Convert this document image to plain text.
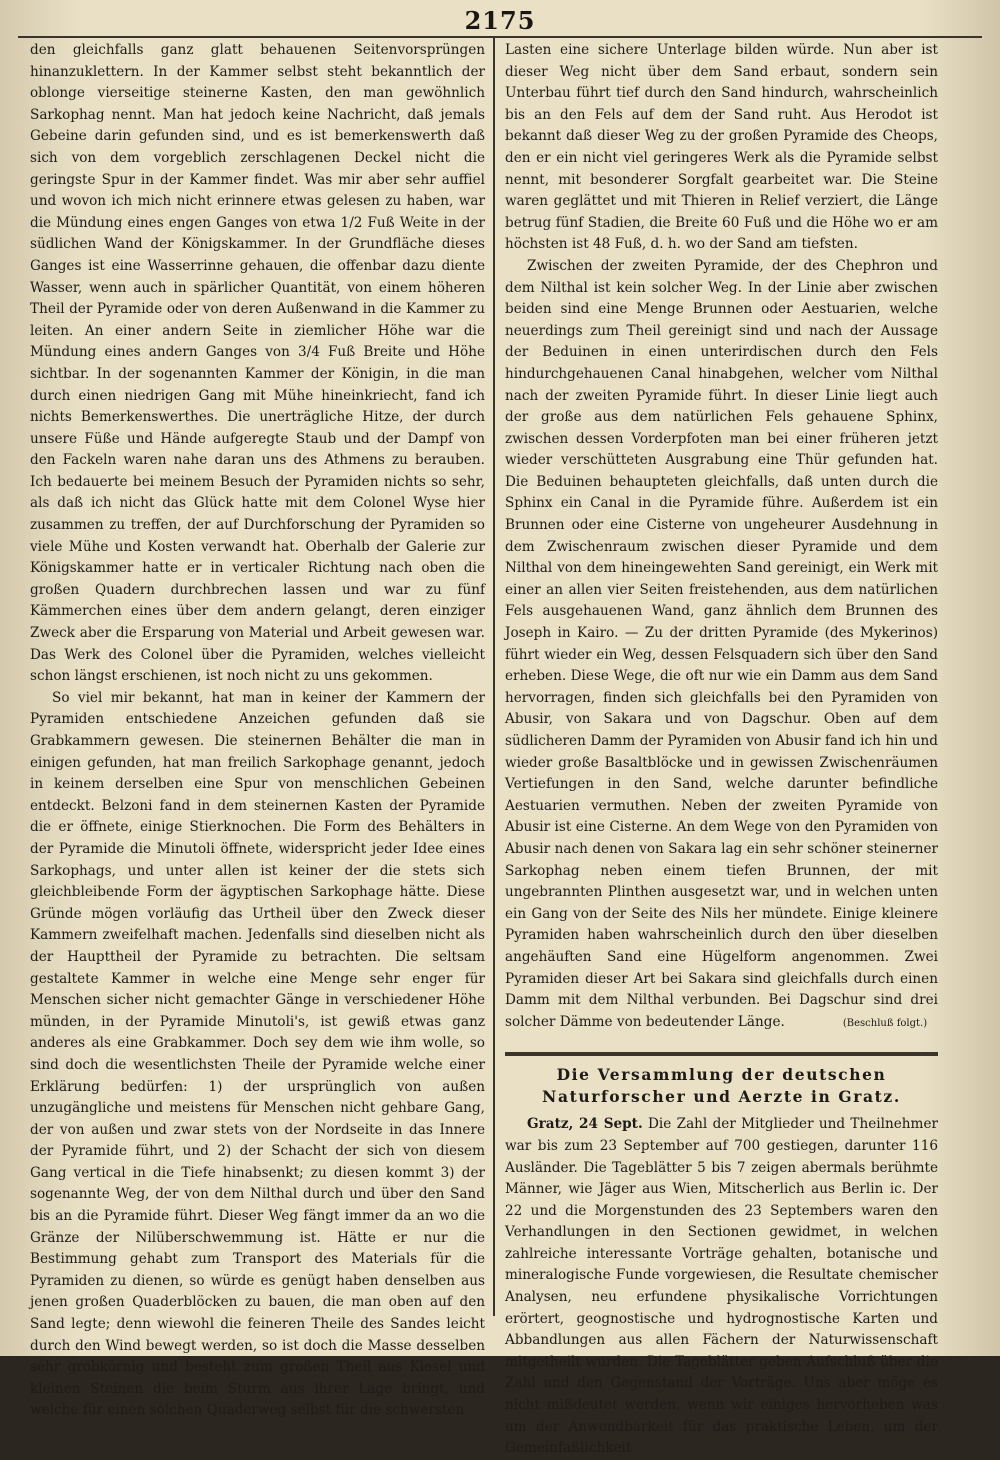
2175

den gleichfalls ganz glatt behauenen Seitenvorsprüngen hinanzuklettern. In der Kammer selbst steht bekanntlich der oblonge vierseitige steinerne Kasten, den man gewöhnlich Sarkophag nennt. Man hat jedoch keine Nachricht, daß jemals Gebeine darin gefunden sind, und es ist bemerkenswerth daß sich von dem vorgeblich zerschlagenen Deckel nicht die geringste Spur in der Kammer findet. Was mir aber sehr auffiel und wovon ich mich nicht erinnere etwas gelesen zu haben, war die Mündung eines engen Ganges von etwa 1/2 Fuß Weite in der südlichen Wand der Königskammer. In der Grundfläche dieses Ganges ist eine Wasserrinne gehauen, die offenbar dazu diente Wasser, wenn auch in spärlicher Quantität, von einem höheren Theil der Pyramide oder von deren Außenwand in die Kammer zu leiten. An einer andern Seite in ziemlicher Höhe war die Mündung eines andern Ganges von 3/4 Fuß Breite und Höhe sichtbar. In der sogenannten Kammer der Königin, in die man durch einen niedrigen Gang mit Mühe hineinkriecht, fand ich nichts Bemerkenswerthes. Die unerträgliche Hitze, der durch unsere Füße und Hände aufgeregte Staub und der Dampf von den Fackeln waren nahe daran uns des Athmens zu berauben. Ich bedauerte bei meinem Besuch der Pyramiden nichts so sehr, als daß ich nicht das Glück hatte mit dem Colonel Wyse hier zusammen zu treffen, der auf Durchforschung der Pyramiden so viele Mühe und Kosten verwandt hat. Oberhalb der Galerie zur Königskammer hatte er in verticaler Richtung nach oben die großen Quadern durchbrechen lassen und war zu fünf Kämmerchen eines über dem andern gelangt, deren einziger Zweck aber die Ersparung von Material und Arbeit gewesen war. Das Werk des Colonel über die Pyramiden, welches vielleicht schon längst erschienen, ist noch nicht zu uns gekommen.

So viel mir bekannt, hat man in keiner der Kammern der Pyramiden entschiedene Anzeichen gefunden daß sie Grabkammern gewesen. Die steinernen Behälter die man in einigen gefunden, hat man freilich Sarkophage genannt, jedoch in keinem derselben eine Spur von menschlichen Gebeinen entdeckt. Belzoni fand in dem steinernen Kasten der Pyramide die er öffnete, einige Stierknochen. Die Form des Behälters in der Pyramide die Minutoli öffnete, widerspricht jeder Idee eines Sarkophags, und unter allen ist keiner der die stets sich gleichbleibende Form der ägyptischen Sarkophage hätte. Diese Gründe mögen vorläufig das Urtheil über den Zweck dieser Kammern zweifelhaft machen. Jedenfalls sind dieselben nicht als der Haupttheil der Pyramide zu betrachten. Die seltsam gestaltete Kammer in welche eine Menge sehr enger für Menschen sicher nicht gemachter Gänge in verschiedener Höhe münden, in der Pyramide Minutoli's, ist gewiß etwas ganz anderes als eine Grabkammer. Doch sey dem wie ihm wolle, so sind doch die wesentlichsten Theile der Pyramide welche einer Erklärung bedürfen: 1) der ursprünglich von außen unzugängliche und meistens für Menschen nicht gehbare Gang, der von außen und zwar stets von der Nordseite in das Innere der Pyramide führt, und 2) der Schacht der sich von diesem Gang vertical in die Tiefe hinabsenkt; zu diesen kommt 3) der sogenannte Weg, der von dem Nilthal durch und über den Sand bis an die Pyramide führt. Dieser Weg fängt immer da an wo die Gränze der Nilüberschwemmung ist. Hätte er nur die Bestimmung gehabt zum Transport des Materials für die Pyramiden zu dienen, so würde es genügt haben denselben aus jenen großen Quaderblöcken zu bauen, die man oben auf den Sand legte; denn wiewohl die feineren Theile des Sandes leicht durch den Wind bewegt werden, so ist doch die Masse desselben sehr grobkörnig und besteht zum großen Theil aus Kiesel und kleinen Steinen die beim Sturm aus ihrer Lage bringt, und welche für einen solchen Quaderweg selbst für die schwersten

Lasten eine sichere Unterlage bilden würde. Nun aber ist dieser Weg nicht über dem Sand erbaut, sondern sein Unterbau führt tief durch den Sand hindurch, wahrscheinlich bis an den Fels auf dem der Sand ruht. Aus Herodot ist bekannt daß dieser Weg zu der großen Pyramide des Cheops, den er ein nicht viel geringeres Werk als die Pyramide selbst nennt, mit besonderer Sorgfalt gearbeitet war. Die Steine waren geglättet und mit Thieren in Relief verziert, die Länge betrug fünf Stadien, die Breite 60 Fuß und die Höhe wo er am höchsten ist 48 Fuß, d. h. wo der Sand am tiefsten.

Zwischen der zweiten Pyramide, der des Chephron und dem Nilthal ist kein solcher Weg. In der Linie aber zwischen beiden sind eine Menge Brunnen oder Aestuarien, welche neuerdings zum Theil gereinigt sind und nach der Aussage der Beduinen in einen unterirdischen durch den Fels hindurchgehauenen Canal hinabgehen, welcher vom Nilthal nach der zweiten Pyramide führt. In dieser Linie liegt auch der große aus dem natürlichen Fels gehauene Sphinx, zwischen dessen Vorderpfoten man bei einer früheren jetzt wieder verschütteten Ausgrabung eine Thür gefunden hat. Die Beduinen behaupteten gleichfalls, daß unten durch die Sphinx ein Canal in die Pyramide führe. Außerdem ist ein Brunnen oder eine Cisterne von ungeheurer Ausdehnung in dem Zwischenraum zwischen dieser Pyramide und dem Nilthal von dem hineingewehten Sand gereinigt, ein Werk mit einer an allen vier Seiten freistehenden, aus dem natürlichen Fels ausgehauenen Wand, ganz ähnlich dem Brunnen des Joseph in Kairo. — Zu der dritten Pyramide (des Mykerinos) führt wieder ein Weg, dessen Felsquadern sich über den Sand erheben. Diese Wege, die oft nur wie ein Damm aus dem Sand hervorragen, finden sich gleichfalls bei den Pyramiden von Abusir, von Sakara und von Dagschur. Oben auf dem südlicheren Damm der Pyramiden von Abusir fand ich hin und wieder große Basaltblöcke und in gewissen Zwischenräumen Vertiefungen in den Sand, welche darunter befindliche Aestuarien vermuthen. Neben der zweiten Pyramide von Abusir ist eine Cisterne. An dem Wege von den Pyramiden von Abusir nach denen von Sakara lag ein sehr schöner steinerner Sarkophag neben einem tiefen Brunnen, der mit ungebrannten Plinthen ausgesetzt war, und in welchen unten ein Gang von der Seite des Nils her mündete. Einige kleinere Pyramiden haben wahrscheinlich durch den über dieselben angehäuften Sand eine Hügelform angenommen. Zwei Pyramiden dieser Art bei Sakara sind gleichfalls durch einen Damm mit dem Nilthal verbunden. Bei Dagschur sind drei solcher Dämme von bedeutender Länge.	(Beschluß folgt.)

Die Versammlung der deutschen Naturforscher und Aerzte in Gratz.

Gratz, 24 Sept. Die Zahl der Mitglieder und Theilnehmer war bis zum 23 September auf 700 gestiegen, darunter 116 Ausländer. Die Tageblätter 5 bis 7 zeigen abermals berühmte Männer, wie Jäger aus Wien, Mitscherlich aus Berlin ic. Der 22 und die Morgenstunden des 23 Septembers waren den Verhandlungen in den Sectionen gewidmet, in welchen zahlreiche interessante Vorträge gehalten, botanische und mineralogische Funde vorgewiesen, die Resultate chemischer Analysen, neu erfundene physikalische Vorrichtungen erörtert, geognostische und hydrognostische Karten und Abbandlungen aus allen Fächern der Naturwissenschaft mitgetheilt wurden. Die Tageblätter geben Aufschluß über die Zahl und den Gegenstand der Vorträge. Uns aber möge es nicht mißdeutet werden, wenn wir einiges hervorheben was um der Anwendbarkeit für das praktische Leben, um der Gemeinfaßlichkeit
